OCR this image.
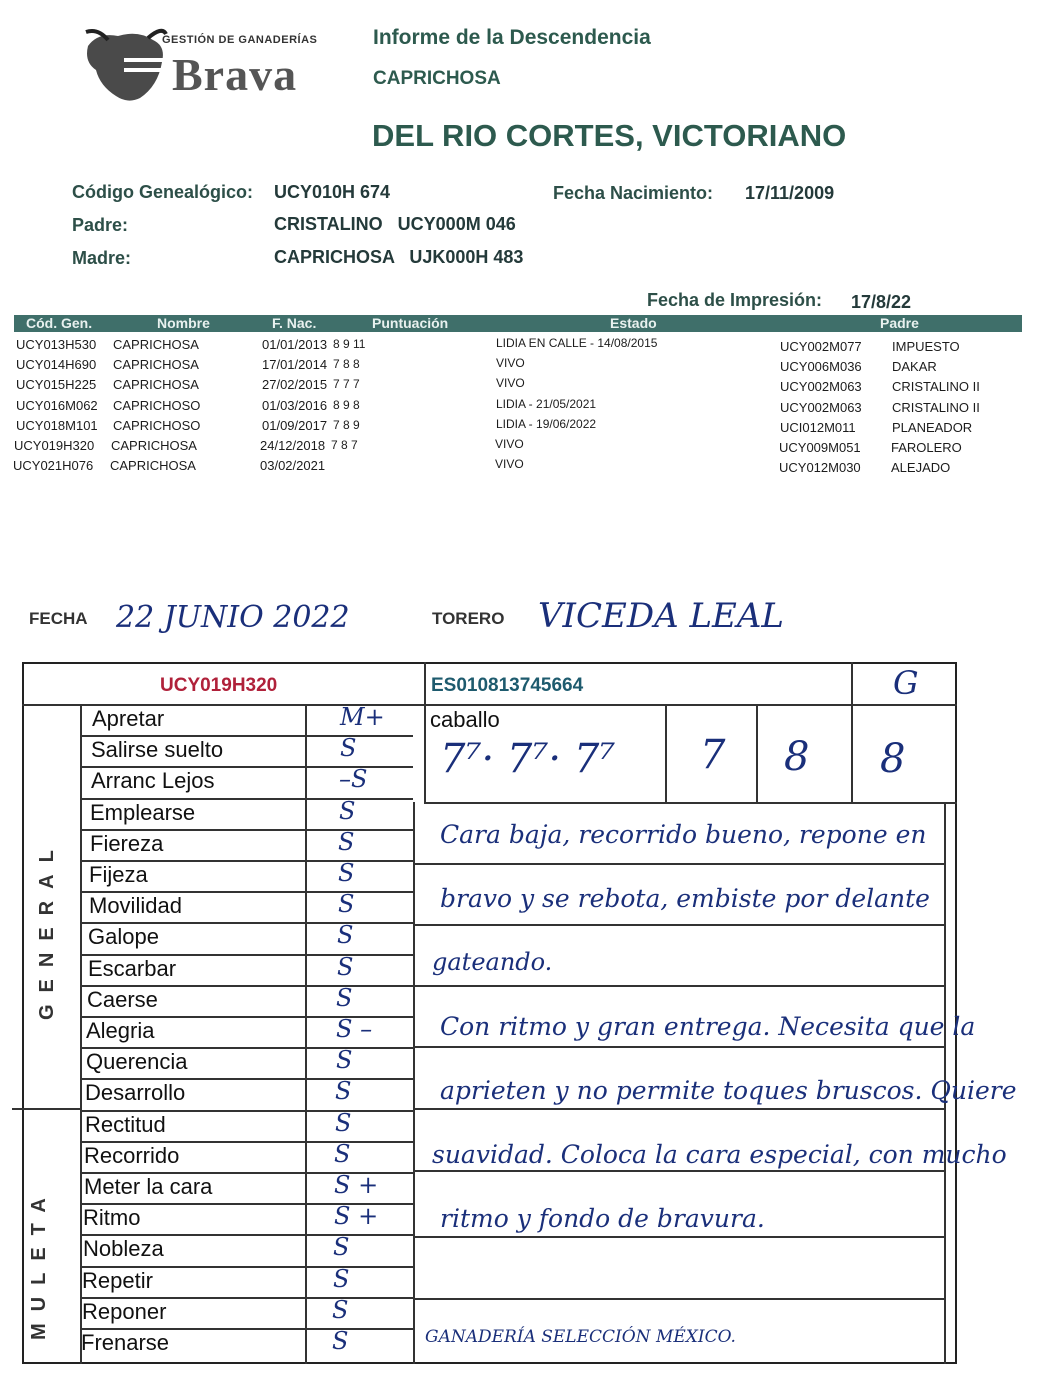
GESTIÓN DE GANADERÍAS
Brava
Informe de la Descendencia
CAPRICHOSA
DEL RIO CORTES, VICTORIANO
Código Genealógico: UCY010H 674	Fecha Nacimiento: 17/11/2009
Padre:	CRISTALINO   UCY000M 046
Madre:	CAPRICHOSA   UJK000H 483
Fecha de Impresión: 17/8/22
Cód. Gen.	Nombre	F. Nac.	Puntuación	Estado	Padre
UCY013H530 CAPRICHOSA	01/01/2013 8 9 11	LIDIA EN CALLE - 14/08/2015	UCY002M077 IMPUESTO
UCY014H690 CAPRICHOSA	17/01/2014 7 8 8	VIVO	UCY006M036 DAKAR
UCY015H225 CAPRICHOSA	27/02/2015 7 7 7	VIVO	UCY002M063 CRISTALINO II
UCY016M062 CAPRICHOSO	01/03/2016 8 9 8	LIDIA - 21/05/2021	UCY002M063 CRISTALINO II
UCY018M101 CAPRICHOSO	01/09/2017 7 8 9	LIDIA - 19/06/2022	UCI012M011	PLANEADOR
UCY019H320 CAPRICHOSA	24/12/2018 7 8 7	VIVO	UCY009M051 FAROLERO
UCY021H076 CAPRICHOSA	03/02/2021	VIVO	UCY012M030 ALEJADO
FECHA 22 JUNIO 2022	TORERO VICEDA LEAL
UCY019H320	ES010813745664	G
caballo
7⁷· 7⁷· 7⁷ 7 8 8
GENERAL
MULETA
Apretar	M+
Salirse suelto	S
Arranc Lejos	–S
Emplearse	S
Fiereza	S
Fijeza	S
Movilidad	S
Galope	S
Escarbar	S
Caerse	S
Alegria	S –
Querencia	S
Desarrollo	S
Rectitud	S
Recorrido	S
Meter la cara	S +
Ritmo	S +
Nobleza	S
Repetir	S
Reponer	S
Frenarse	S
Cara baja, recorrido bueno, repone en
bravo y se rebota, embiste por delante
gateando.
Con ritmo y gran entrega. Necesita que la
aprieten y no permite toques bruscos. Quiere
suavidad. Coloca la cara especial, con mucho
ritmo y fondo de bravura.
GANADERÍA SELECCIÓN MÉXICO.
